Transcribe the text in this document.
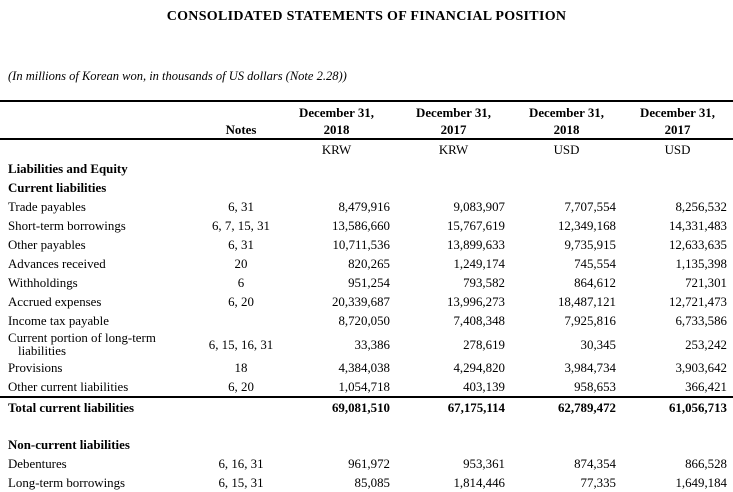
CONSOLIDATED STATEMENTS OF FINANCIAL POSITION

(In millions of Korean won, in thousands of US dollars (Note 2.28))

		December 31,	December 31,	December 31,	December 31,
	Notes	2018	2017	2018	2017
		KRW	KRW	USD	USD
Liabilities and Equity					
Current liabilities					
Trade payables	6, 31	8,479,916	9,083,907	7,707,554	8,256,532
Short-term borrowings	6, 7, 15, 31	13,586,660	15,767,619	12,349,168	14,331,483
Other payables	6, 31	10,711,536	13,899,633	9,735,915	12,633,635
Advances received	20	820,265	1,249,174	745,554	1,135,398
Withholdings	6	951,254	793,582	864,612	721,301
Accrued expenses	6, 20	20,339,687	13,996,273	18,487,121	12,721,473
Income tax payable		8,720,050	7,408,348	7,925,816	6,733,586
Current portion of long-term liabilities	6, 15, 16, 31	33,386	278,619	30,345	253,242
Provisions	18	4,384,038	4,294,820	3,984,734	3,903,642
Other current liabilities	6, 20	1,054,718	403,139	958,653	366,421
Total current liabilities		69,081,510	67,175,114	62,789,472	61,056,713

Non-current liabilities					
Debentures	6, 16, 31	961,972	953,361	874,354	866,528
Long-term borrowings	6, 15, 31	85,085	1,814,446	77,335	1,649,184
